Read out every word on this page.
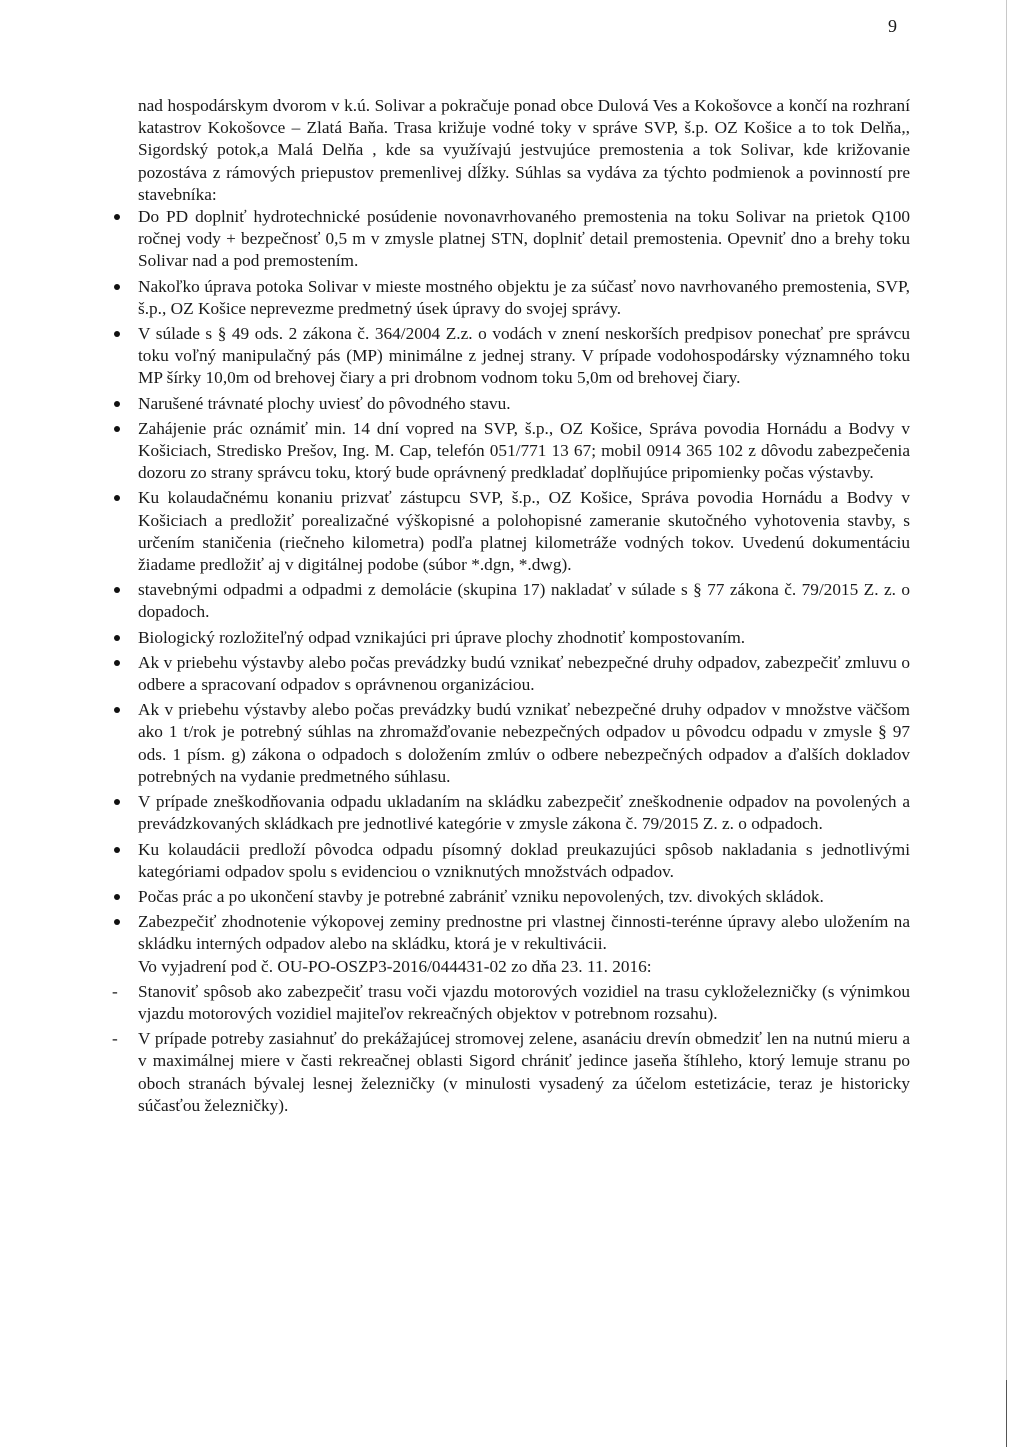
9

nad hospodárskym dvorom v k.ú. Solivar a pokračuje ponad obce Dulová Ves a Kokošovce a končí na rozhraní katastrov Kokošovce – Zlatá Baňa. Trasa križuje vodné toky v správe SVP, š.p. OZ Košice a to tok Delňa,, Sigordský potok,a Malá Delňa , kde sa využívajú jestvujúce premostenia a tok Solivar, kde križovanie pozostáva z rámových priepustov premenlivej dĺžky. Súhlas sa vydáva za týchto podmienok a povinností pre stavebníka:

Do PD doplniť hydrotechnické posúdenie novonavrhovaného premostenia na toku Solivar na prietok Q100 ročnej vody + bezpečnosť 0,5 m v zmysle platnej STN, doplniť detail premostenia. Opevniť dno a brehy toku Solivar nad a pod premostením.
Nakoľko úprava potoka Solivar v mieste mostného objektu je za súčasť novo navrhovaného premostenia, SVP, š.p., OZ Košice neprevezme predmetný úsek úpravy do svojej správy.
V súlade s § 49 ods. 2 zákona č. 364/2004 Z.z. o vodách v znení neskorších predpisov ponechať pre správcu toku voľný manipulačný pás (MP) minimálne z jednej strany. V prípade vodohospodársky významného toku MP šírky 10,0m od brehovej čiary a pri drobnom vodnom toku 5,0m od brehovej čiary.
Narušené trávnaté plochy uviesť do pôvodného stavu.
Zahájenie prác oznámiť min. 14 dní vopred na SVP, š.p., OZ Košice, Správa povodia Hornádu a Bodvy v Košiciach, Stredisko Prešov, Ing. M. Cap, telefón 051/771 13 67; mobil 0914 365 102 z dôvodu zabezpečenia dozoru zo strany správcu toku, ktorý bude oprávnený predkladať doplňujúce pripomienky počas výstavby.
Ku kolaudačnému konaniu prizvať zástupcu SVP, š.p., OZ Košice, Správa povodia Hornádu a Bodvy v Košiciach a predložiť porealizačné výškopisné a polohopisné zameranie skutočného vyhotovenia stavby, s určením staničenia (riečneho kilometra) podľa platnej kilometráže vodných tokov. Uvedenú dokumentáciu žiadame predložiť aj v digitálnej podobe (súbor *.dgn, *.dwg).
stavebnými odpadmi a odpadmi z demolácie (skupina 17) nakladať v súlade s § 77 zákona č. 79/2015 Z. z. o dopadoch.
Biologický rozložiteľný odpad vznikajúci pri úprave plochy zhodnotiť kompostovaním.
Ak v priebehu výstavby alebo počas prevádzky budú vznikať nebezpečné druhy odpadov, zabezpečiť zmluvu o odbere a spracovaní odpadov s oprávnenou organizáciou.
Ak v priebehu výstavby alebo počas prevádzky budú vznikať nebezpečné druhy odpadov v množstve väčšom ako 1 t/rok je potrebný súhlas na zhromažďovanie nebezpečných odpadov u pôvodcu odpadu v zmysle § 97 ods. 1 písm. g) zákona o odpadoch s doložením zmlúv o odbere nebezpečných odpadov a ďalších dokladov potrebných na vydanie predmetného súhlasu.
V prípade zneškodňovania odpadu ukladaním na skládku zabezpečiť zneškodnenie odpadov na povolených a prevádzkovaných skládkach pre jednotlivé kategórie v zmysle zákona č. 79/2015 Z. z. o odpadoch.
Ku kolaudácii predloží pôvodca odpadu písomný doklad preukazujúci spôsob nakladania s jednotlivými kategóriami odpadov spolu s evidenciou o vzniknutých množstvách odpadov.
Počas prác a po ukončení stavby je potrebné zabrániť vzniku nepovolených, tzv. divokých skládok.
Zabezpečiť zhodnotenie výkopovej zeminy prednostne pri vlastnej činnosti-terénne úpravy alebo uložením na skládku interných odpadov alebo na skládku, ktorá je v rekultivácii.

Vo vyjadrení pod č. OU-PO-OSZP3-2016/044431-02 zo dňa 23. 11. 2016:

Stanoviť spôsob ako zabezpečiť trasu voči vjazdu motorových vozidiel na trasu cykloželezničky (s výnimkou vjazdu motorových vozidiel majiteľov rekreačných objektov v potrebnom rozsahu).
V prípade potreby zasiahnuť do prekážajúcej stromovej zelene, asanáciu drevín obmedziť len na nutnú mieru a v maximálnej miere v časti rekreačnej oblasti Sigord chrániť jedince jaseňa štíhleho, ktorý lemuje stranu po oboch stranách bývalej lesnej železničky (v minulosti vysadený za účelom estetizácie, teraz je historicky súčasťou železničky).
